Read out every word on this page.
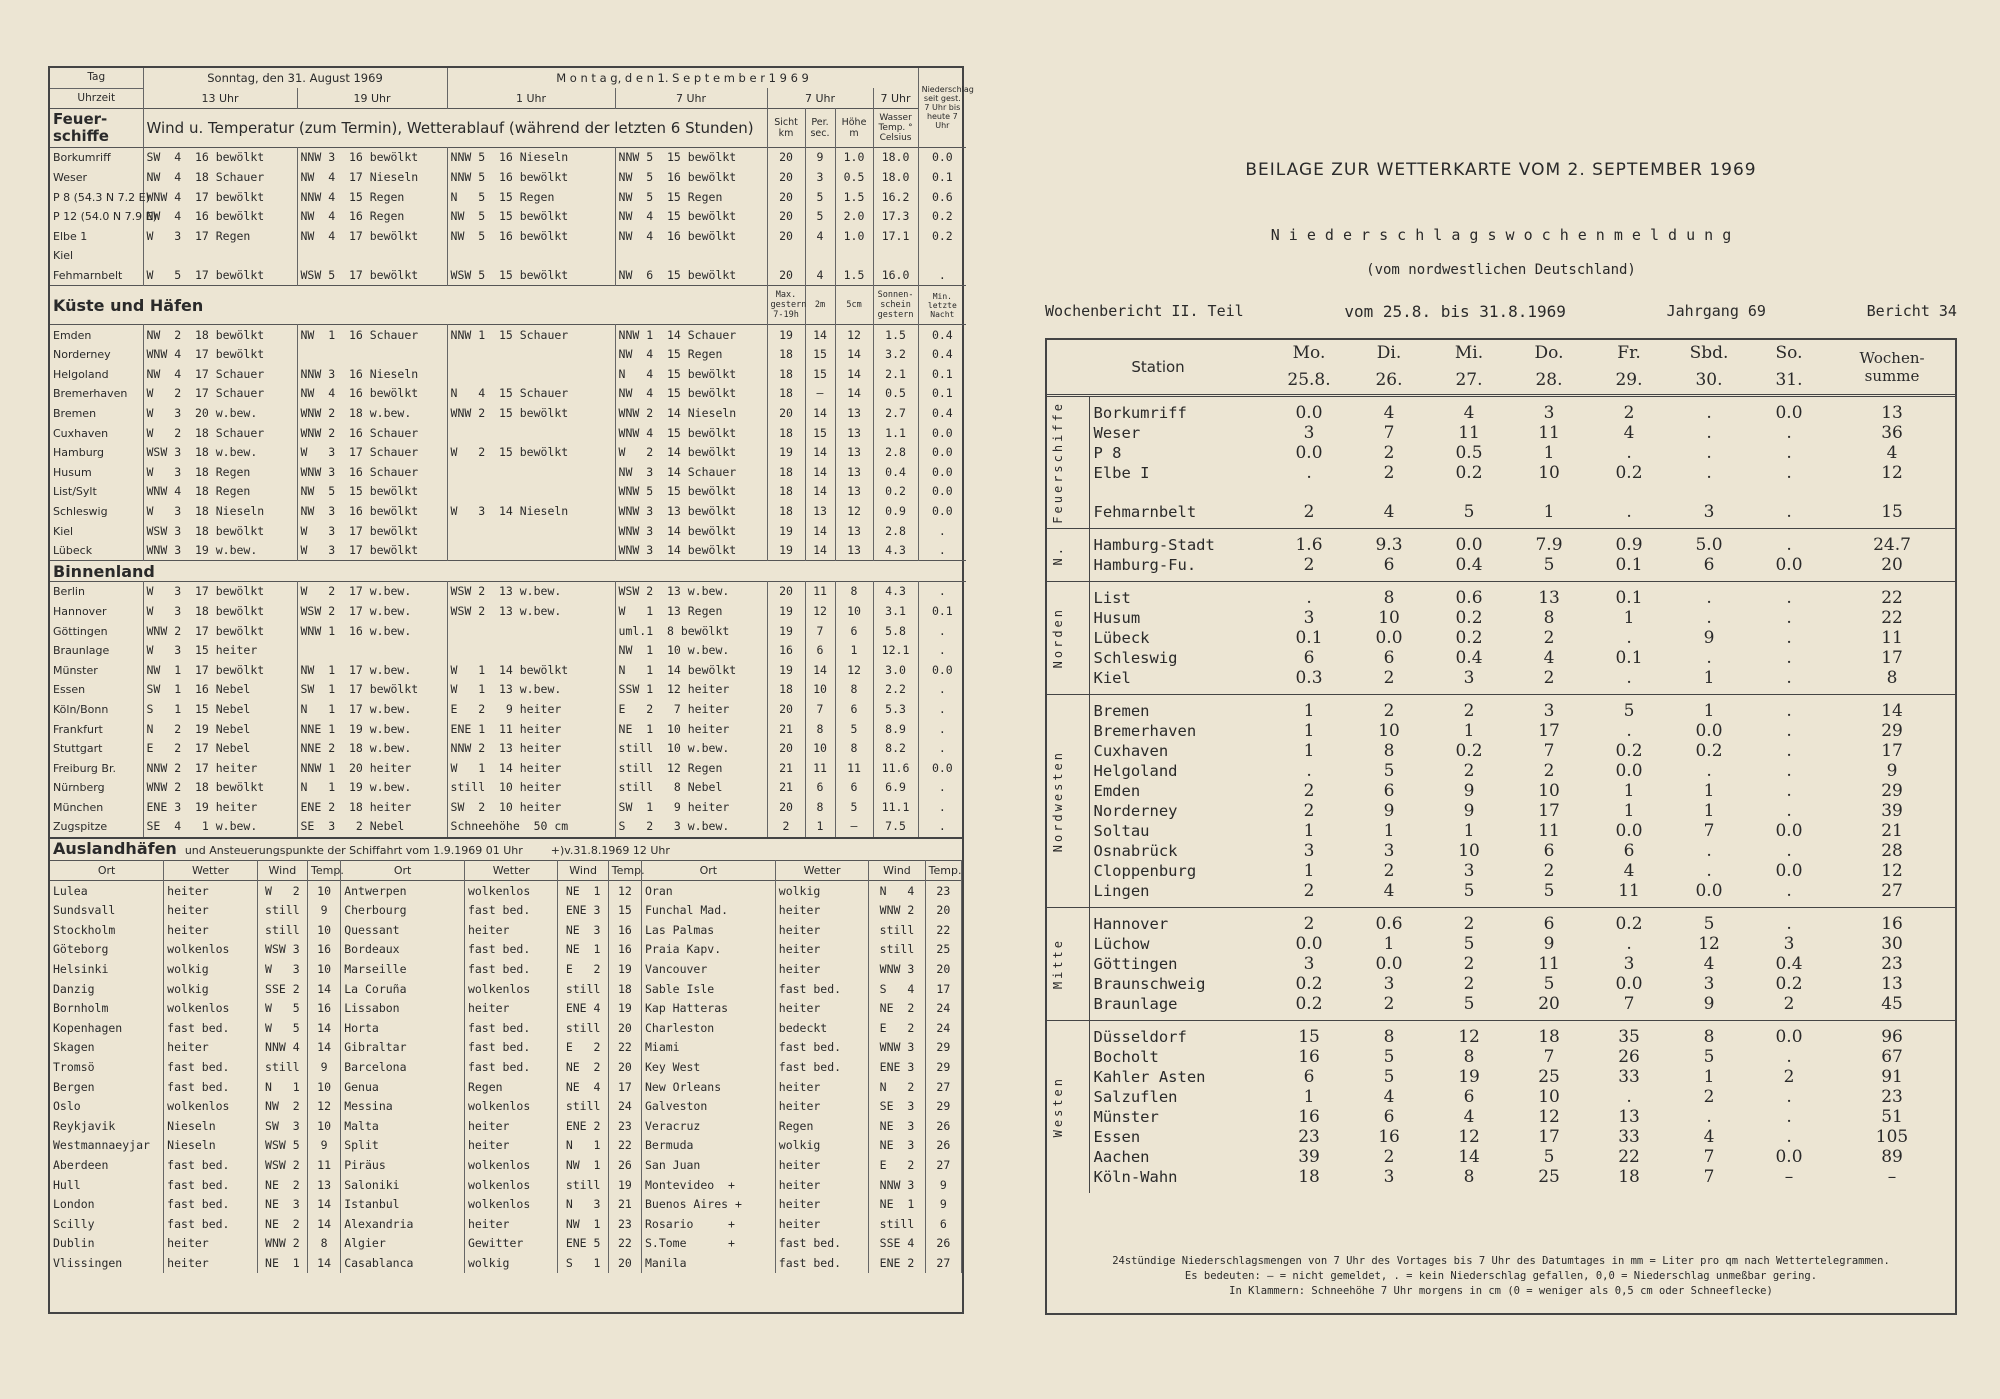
Tag	Sonntag, den 31. August 1969		M o n t a g, d e n 1. S e p t e m b e r 1 9 6 9						Niederschlag seit gest. 7 Uhr bis heute 7 Uhr
Uhrzeit	13 Uhr	19 Uhr	1 Uhr	7 Uhr	7 Uhr			7 Uhr	
Feuer-schiffe	Wind u. Temperatur (zum Termin), Wetterablauf (während der letzten 6 Stunden)				Sicht km	Per. sec.	Höhe m	Wasser Temp. ° Celsius	
Borkumriff	SW  4  16 bewölkt	NNW 3  16 bewölkt	NNW 5  16 Nieseln	NNW 5  15 bewölkt	20	9	1.0	18.0	0.0
Weser	NW  4  18 Schauer	NW  4  17 Nieseln	NNW 5  16 bewölkt	NW  5  16 bewölkt	20	3	0.5	18.0	0.1
P 8 (54.3 N 7.2 E)	WNW 4  17 bewölkt	NNW 4  15 Regen	N   5  15 Regen	NW  5  15 Regen	20	5	1.5	16.2	0.6
P 12 (54.0 N 7.9 E)	NW  4  16 bewölkt	NW  4  16 Regen	NW  5  15 bewölkt	NW  4  15 bewölkt	20	5	2.0	17.3	0.2
Elbe 1	W   3  17 Regen	NW  4  17 bewölkt	NW  5  16 bewölkt	NW  4  16 bewölkt	20	4	1.0	17.1	0.2
Kiel									
Fehmarnbelt	W   5  17 bewölkt	WSW 5  17 bewölkt	WSW 5  15 bewölkt	NW  6  15 bewölkt	20	4	1.5	16.0	.
Küste und Häfen					Max. gestern 7-19h	2m	5cm	Sonnen- schein gestern	Min. letzte Nacht
Emden	NW  2  18 bewölkt	NW  1  16 Schauer	NNW 1  15 Schauer	NNW 1  14 Schauer	19	14	12	1.5	0.4
Norderney	WNW 4  17 bewölkt			NW  4  15 Regen	18	15	14	3.2	0.4
Helgoland	NW  4  17 Schauer	NNW 3  16 Nieseln		N   4  15 bewölkt	18	15	14	2.1	0.1
Bremerhaven	W   2  17 Schauer	NW  4  16 bewölkt	N   4  15 Schauer	NW  4  15 bewölkt	18	–	14	0.5	0.1
Bremen	W   3  20 w.bew.	WNW 2  18 w.bew.	WNW 2  15 bewölkt	WNW 2  14 Nieseln	20	14	13	2.7	0.4
Cuxhaven	W   2  18 Schauer	WNW 2  16 Schauer		WNW 4  15 bewölkt	18	15	13	1.1	0.0
Hamburg	WSW 3  18 w.bew.	W   3  17 Schauer	W   2  15 bewölkt	W   2  14 bewölkt	19	14	13	2.8	0.0
Husum	W   3  18 Regen	WNW 3  16 Schauer		NW  3  14 Schauer	18	14	13	0.4	0.0
List/Sylt	WNW 4  18 Regen	NW  5  15 bewölkt		WNW 5  15 bewölkt	18	14	13	0.2	0.0
Schleswig	W   3  18 Nieseln	NW  3  16 bewölkt	W   3  14 Nieseln	WNW 3  13 bewölkt	18	13	12	0.9	0.0
Kiel	WSW 3  18 bewölkt	W   3  17 bewölkt		WNW 3  14 bewölkt	19	14	13	2.8	.
Lübeck	WNW 3  19 w.bew.	W   3  17 bewölkt		WNW 3  14 bewölkt	19	14	13	4.3	.
Binnenland									
Berlin	W   3  17 bewölkt	W   2  17 w.bew.	WSW 2  13 w.bew.	WSW 2  13 w.bew.	20	11	8	4.3	.
Hannover	W   3  18 bewölkt	WSW 2  17 w.bew.	WSW 2  13 w.bew.	W   1  13 Regen	19	12	10	3.1	0.1
Göttingen	WNW 2  17 bewölkt	WNW 1  16 w.bew.		uml.1  8 bewölkt	19	7	6	5.8	.
Braunlage	W   3  15 heiter			NW  1  10 w.bew.	16	6	1	12.1	.
Münster	NW  1  17 bewölkt	NW  1  17 w.bew.	W   1  14 bewölkt	N   1  14 bewölkt	19	14	12	3.0	0.0
Essen	SW  1  16 Nebel	SW  1  17 bewölkt	W   1  13 w.bew.	SSW 1  12 heiter	18	10	8	2.2	.
Köln/Bonn	S   1  15 Nebel	N   1  17 w.bew.	E   2   9 heiter	E   2   7 heiter	20	7	6	5.3	.
Frankfurt	N   2  19 Nebel	NNE 1  19 w.bew.	ENE 1  11 heiter	NE  1  10 heiter	21	8	5	8.9	.
Stuttgart	E   2  17 Nebel	NNE 2  18 w.bew.	NNW 2  13 heiter	still  10 w.bew.	20	10	8	8.2	.
Freiburg Br.	NNW 2  17 heiter	NNW 1  20 heiter	W   1  14 heiter	still  12 Regen	21	11	11	11.6	0.0
Nürnberg	WNW 2  18 bewölkt	N   1  19 w.bew.	still  10 heiter	still   8 Nebel	21	6	6	6.9	.
München	ENE 3  19 heiter	ENE 2  18 heiter	SW  2  10 heiter	SW  1   9 heiter	20	8	5	11.1	.
Zugspitze	SE  4   1 w.bew.	SE  3   2 Nebel	Schneehöhe  50 cm	S   2   3 w.bew.	2	1	–	7.5	.
Auslandhäfen und Ansteuerungspunkte der Schiffahrt vom 1.9.1969 01 Uhr        +)v.31.8.1969 12 Uhr											
Ort	Wetter	Wind	Temp.	Ort	Wetter	Wind	Temp.	Ort	Wetter	Wind	Temp.
Lulea	heiter	W   2	10	Antwerpen	wolkenlos	NE  1	12	Oran	wolkig	N   4	23
Sundsvall	heiter	still	9	Cherbourg	fast bed.	ENE 3	15	Funchal Mad.	heiter	WNW 2	20
Stockholm	heiter	still	10	Quessant	heiter	NE  3	16	Las Palmas	heiter	still	22
Göteborg	wolkenlos	WSW 3	16	Bordeaux	fast bed.	NE  1	16	Praia Kapv.	heiter	still	25
Helsinki	wolkig	W   3	10	Marseille	fast bed.	E   2	19	Vancouver	heiter	WNW 3	20
Danzig	wolkig	SSE 2	14	La Coruña	wolkenlos	still	18	Sable Isle	fast bed.	S   4	17
Bornholm	wolkenlos	W   5	16	Lissabon	heiter	ENE 4	19	Kap Hatteras	heiter	NE  2	24
Kopenhagen	fast bed.	W   5	14	Horta	fast bed.	still	20	Charleston	bedeckt	E   2	24
Skagen	heiter	NNW 4	14	Gibraltar	fast bed.	E   2	22	Miami	fast bed.	WNW 3	29
Tromsö	fast bed.	still	9	Barcelona	fast bed.	NE  2	20	Key West	fast bed.	ENE 3	29
Bergen	fast bed.	N   1	10	Genua	Regen	NE  4	17	New Orleans	heiter	N   2	27
Oslo	wolkenlos	NW  2	12	Messina	wolkenlos	still	24	Galveston	heiter	SE  3	29
Reykjavik	Nieseln	SW  3	10	Malta	heiter	ENE 2	23	Veracruz	Regen	NE  3	26
Westmannaeyjar	Nieseln	WSW 5	9	Split	heiter	N   1	22	Bermuda	wolkig	NE  3	26
Aberdeen	fast bed.	WSW 2	11	Piräus	wolkenlos	NW  1	26	San Juan	heiter	E   2	27
Hull	fast bed.	NE  2	13	Saloniki	wolkenlos	still	19	Montevideo  +	heiter	NNW 3	9
London	fast bed.	NE  3	14	Istanbul	wolkenlos	N   3	21	Buenos Aires +	heiter	NE  1	9
Scilly	fast bed.	NE  2	14	Alexandria	heiter	NW  1	23	Rosario     +	heiter	still	6
Dublin	heiter	WNW 2	8	Algier	Gewitter	ENE 5	22	S.Tome      +	fast bed.	SSE 4	26
Vlissingen	heiter	NE  1	14	Casablanca	wolkig	S   1	20	Manila	fast bed.	ENE 2	27
BEILAGE ZUR WETTERKARTE VOM 2. SEPTEMBER 1969
N i e d e r s c h l a g s w o c h e n m e l d u n g
(vom nordwestlichen Deutschland)
Wochenbericht II. Teil	vom 25.8. bis 31.8.1969	Jahrgang 69	Bericht 34
Station		Mo.	Di.	Mi.	Do.	Fr.	Sbd.	So.	Wochen- summe
		25.8.	26.	27.	28.	29.	30.	31.	

Feuerschiffe	Borkumriff	0.0	4	4	3	2	.	0.0	13
	Weser	3	7	11	11	4	.	.	36
	P 8	0.0	2	0.5	1	.	.	.	4
	Elbe I	.	2	0.2	10	0.2	.	.	12

	Fehmarnbelt	2	4	5	1	.	3	.	15

N.	Hamburg-Stadt	1.6	9.3	0.0	7.9	0.9	5.0	.	24.7
	Hamburg-Fu.	2	6	0.4	5	0.1	6	0.0	20

Norden	List	.	8	0.6	13	0.1	.	.	22
	Husum	3	10	0.2	8	1	.	.	22
	Lübeck	0.1	0.0	0.2	2	.	9	.	11
	Schleswig	6	6	0.4	4	0.1	.	.	17
	Kiel	0.3	2	3	2	.	1	.	8

Nordwesten	Bremen	1	2	2	3	5	1	.	14
	Bremerhaven	1	10	1	17	.	0.0	.	29
	Cuxhaven	1	8	0.2	7	0.2	0.2	.	17
	Helgoland	.	5	2	2	0.0	.	.	9
	Emden	2	6	9	10	1	1	.	29
	Norderney	2	9	9	17	1	1	.	39
	Soltau	1	1	1	11	0.0	7	0.0	21
	Osnabrück	3	3	10	6	6	.	.	28
	Cloppenburg	1	2	3	2	4	.	0.0	12
	Lingen	2	4	5	5	11	0.0	.	27

Mitte	Hannover	2	0.6	2	6	0.2	5	.	16
	Lüchow	0.0	1	5	9	.	12	3	30
	Göttingen	3	0.0	2	11	3	4	0.4	23
	Braunschweig	0.2	3	2	5	0.0	3	0.2	13
	Braunlage	0.2	2	5	20	7	9	2	45

Westen	Düsseldorf	15	8	12	18	35	8	0.0	96
	Bocholt	16	5	8	7	26	5	.	67
	Kahler Asten	6	5	19	25	33	1	2	91
	Salzuflen	1	4	6	10	.	2	.	23
	Münster	16	6	4	12	13	.	.	51
	Essen	23	16	12	17	33	4	.	105
	Aachen	39	2	14	5	22	7	0.0	89
	Köln-Wahn	18	3	8	25	18	7	–	–
24stündige Niederschlagsmengen von 7 Uhr des Vortages bis 7 Uhr des Datumtages in mm = Liter pro qm nach Wettertelegrammen.
Es bedeuten: – = nicht gemeldet, . = kein Niederschlag gefallen, 0,0 = Niederschlag unmeßbar gering.
In Klammern: Schneehöhe 7 Uhr morgens in cm (0 = weniger als 0,5 cm oder Schneeflecke)
